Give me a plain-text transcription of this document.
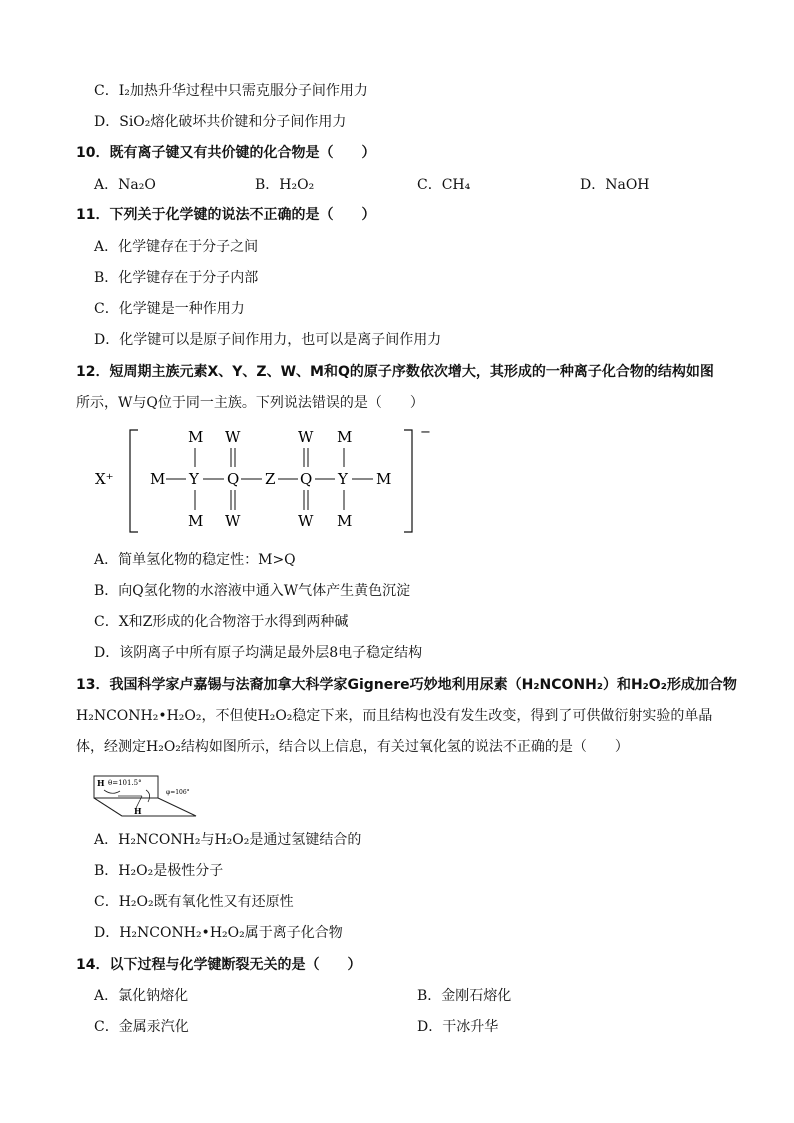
C．I₂加热升华过程中只需克服分子间作用力
D．SiO₂熔化破坏共价键和分子间作用力
10．既有离子键又有共价键的化合物是（　　）
A．Na₂O	B．H₂O₂	C．CH₄	D．NaOH
11．下列关于化学键的说法不正确的是（　　）
A．化学键存在于分子之间
B．化学键存在于分子内部
C．化学键是一种作用力
D．化学键可以是原子间作用力，也可以是离子间作用力
12．短周期主族元素X、Y、Z、W、M和Q的原子序数依次增大，其形成的一种离子化合物的结构如图
所示，W与Q位于同一主族。下列说法错误的是（　　）
X⁺
−
M Y Q Z Q Y M
M W	W M
M W	W M
A．简单氢化物的稳定性：M>Q
B．向Q氢化物的水溶液中通入W气体产生黄色沉淀
C．X和Z形成的化合物溶于水得到两种碱
D．该阴离子中所有原子均满足最外层8电子稳定结构
13．我国科学家卢嘉锡与法裔加拿大科学家Gignere巧妙地利用尿素（H₂NCONH₂）和H₂O₂形成加合物
H₂NCONH₂•H₂O₂，不但使H₂O₂稳定下来，而且结构也没有发生改变，得到了可供做衍射实验的单晶
体，经测定H₂O₂结构如图所示，结合以上信息，有关过氧化氢的说法不正确的是（　　）
H θ=101.5°
φ=106°
H
A．H₂NCONH₂与H₂O₂是通过氢键结合的
B．H₂O₂是极性分子
C．H₂O₂既有氧化性又有还原性
D．H₂NCONH₂•H₂O₂属于离子化合物
14．以下过程与化学键断裂无关的是（　　）
A．氯化钠熔化	B．金刚石熔化
C．金属汞汽化	D．干冰升华
